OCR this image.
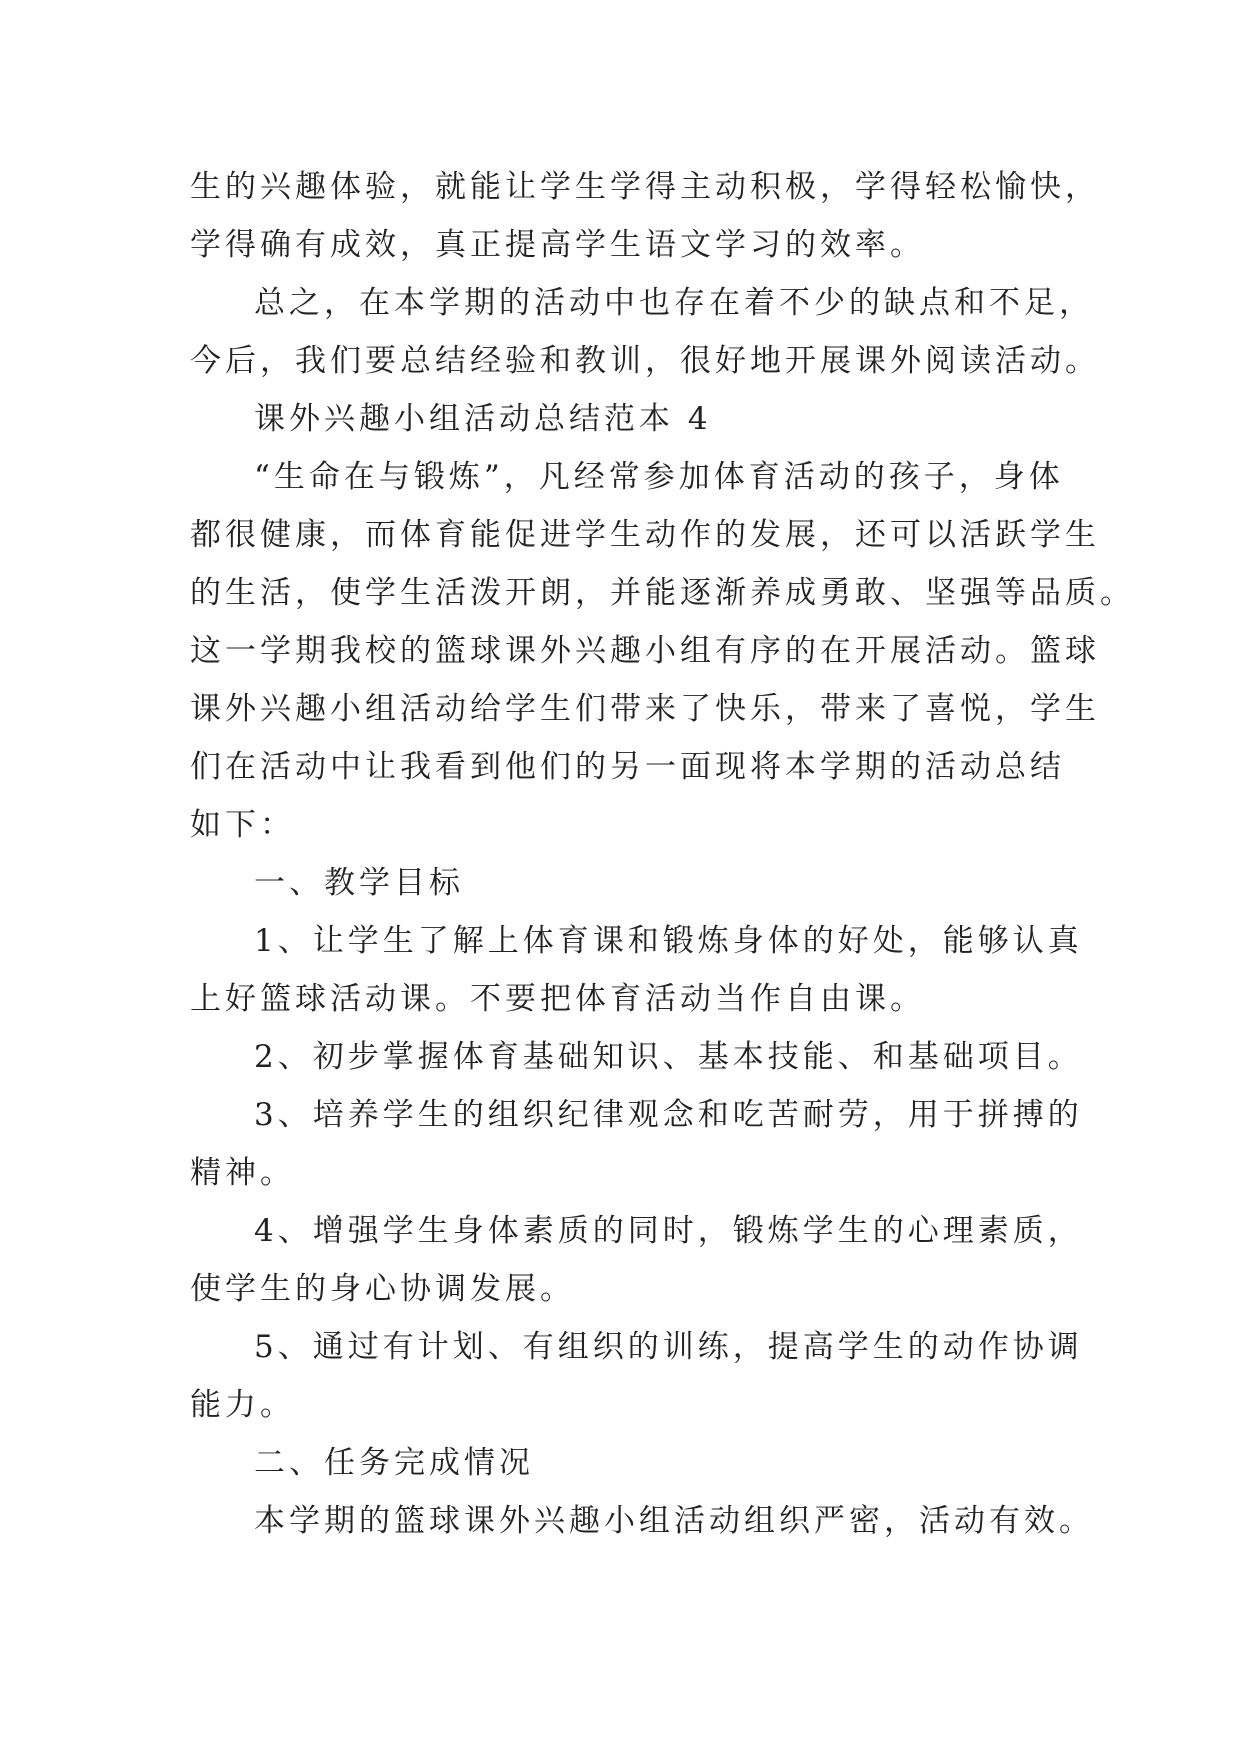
生的兴趣体验，就能让学生学得主动积极，学得轻松愉快，
学得确有成效，真正提高学生语文学习的效率。
总之，在本学期的活动中也存在着不少的缺点和不足，
今后，我们要总结经验和教训，很好地开展课外阅读活动。
课外兴趣小组活动总结范本 4
“生命在与锻炼”，凡经常参加体育活动的孩子，身体
都很健康，而体育能促进学生动作的发展，还可以活跃学生
的生活，使学生活泼开朗，并能逐渐养成勇敢、坚强等品质。
这一学期我校的篮球课外兴趣小组有序的在开展活动。篮球
课外兴趣小组活动给学生们带来了快乐，带来了喜悦，学生
们在活动中让我看到他们的另一面现将本学期的活动总结
如下：
一、教学目标
1、让学生了解上体育课和锻炼身体的好处，能够认真
上好篮球活动课。不要把体育活动当作自由课。
2、初步掌握体育基础知识、基本技能、和基础项目。
3、培养学生的组织纪律观念和吃苦耐劳，用于拼搏的
精神。
4、增强学生身体素质的同时，锻炼学生的心理素质，
使学生的身心协调发展。
5、通过有计划、有组织的训练，提高学生的动作协调
能力。
二、任务完成情况
本学期的篮球课外兴趣小组活动组织严密，活动有效。
